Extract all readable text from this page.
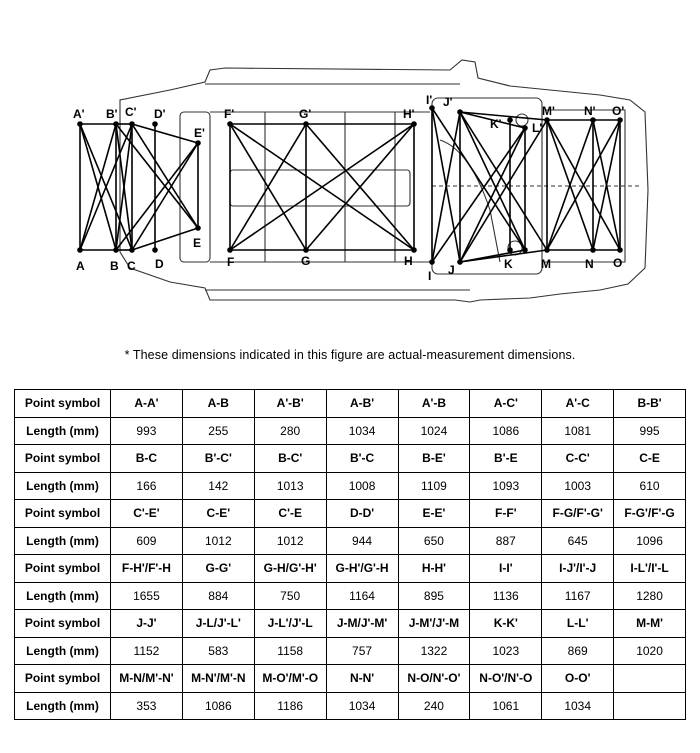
A' B' C' D'
E'
F'	G'	H'
I' J'
K'	L'
M' N' O'
A B C D
E
F	G	H
I J	K M	N O
* These dimensions indicated in this figure are actual-measurement dimensions.
Point symbol	A-A'	A-B	A'-B'	A-B'	A'-B	A-C'	A'-C	B-B'
Length (mm)	993	255	280	1034	1024	1086	1081	995
Point symbol	B-C	B'-C'	B-C'	B'-C	B-E'	B'-E	C-C'	C-E
Length (mm)	166	142	1013	1008	1109	1093	1003	610
Point symbol	C'-E'	C-E'	C'-E	D-D'	E-E'	F-F'	F-G/F'-G'	F-G'/F'-G
Length (mm)	609	1012	1012	944	650	887	645	1096
Point symbol	F-H'/F'-H	G-G'	G-H/G'-H'	G-H'/G'-H	H-H'	I-I'	I-J'/I'-J	I-L'/I'-L
Length (mm)	1655	884	750	1164	895	1136	1167	1280
Point symbol	J-J'	J-L/J'-L'	J-L'/J'-L	J-M/J'-M'	J-M'/J'-M	K-K'	L-L'	M-M'
Length (mm)	1152	583	1158	757	1322	1023	869	1020
Point symbol	M-N/M'-N'	M-N'/M'-N	M-O'/M'-O	N-N'	N-O/N'-O'	N-O'/N'-O	O-O'	
Length (mm)	353	1086	1186	1034	240	1061	1034	
